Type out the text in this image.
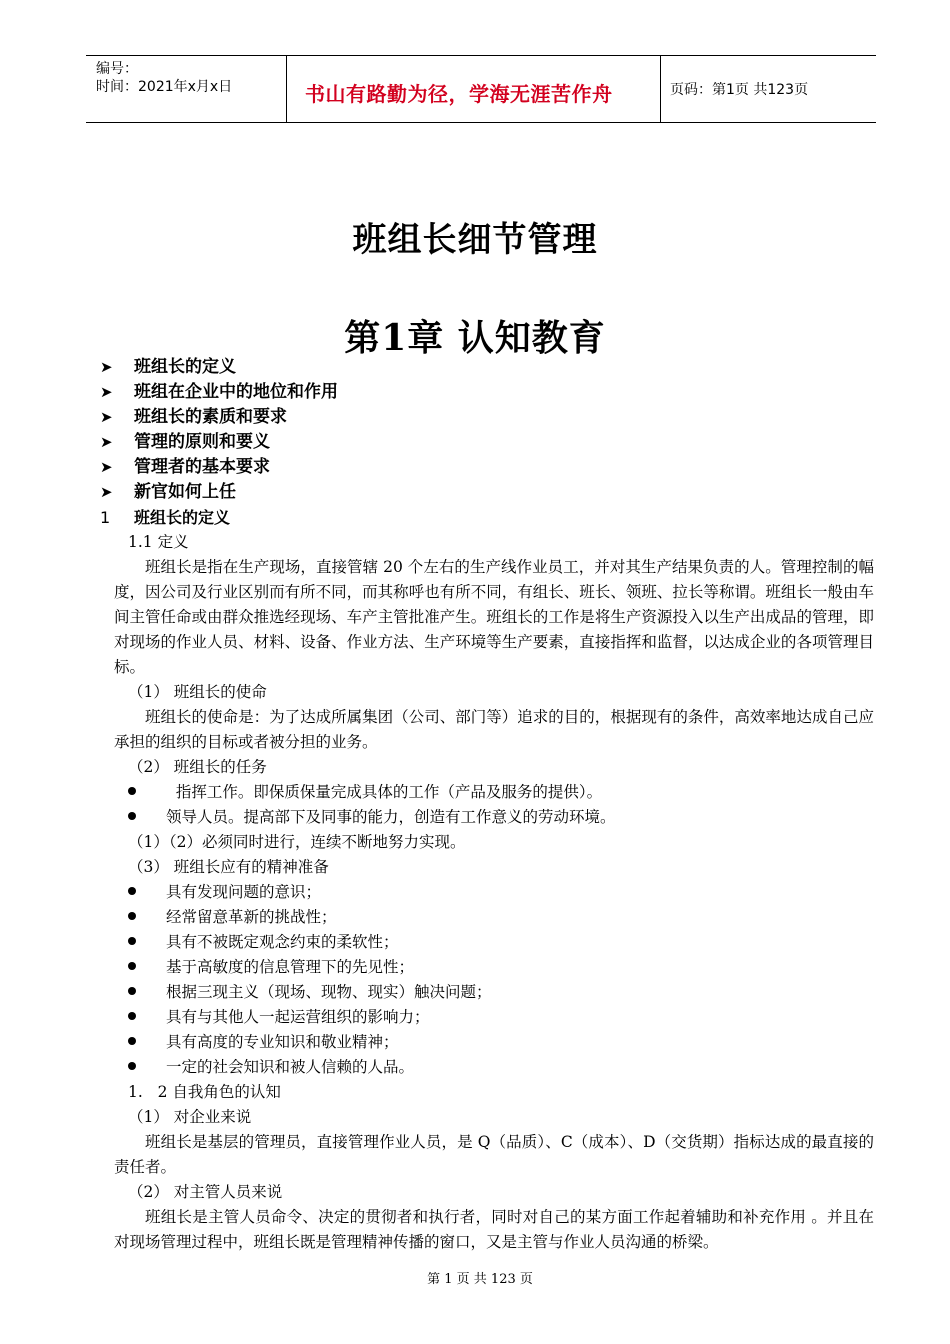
编号：
时间：2021年x月x日	书山有路勤为径，学海无涯苦作舟	页码：第1页 共123页
班组长细节管理
第1章 认知教育
➤ 班组长的定义
➤ 班组在企业中的地位和作用
➤ 班组长的素质和要求
➤ 管理的原则和要义
➤ 管理者的基本要求
➤ 新官如何上任
1 班组长的定义
1.1 定义
班组长是指在生产现场，直接管辖 20 个左右的生产线作业员工，并对其生产结果负责的人。管理控制的幅度，因公司及行业区别而有所不同，而其称呼也有所不同，有组长、班长、领班、拉长等称谓。班组长一般由车间主管任命或由群众推选经现场、车产主管批准产生。班组长的工作是将生产资源投入以生产出成品的管理，即对现场的作业人员、材料、设备、作业方法、生产环境等生产要素，直接指挥和监督，以达成企业的各项管理目标。
（1） 班组长的使命
班组长的使命是：为了达成所属集团（公司、部门等）追求的目的，根据现有的条件，高效率地达成自己应承担的组织的目标或者被分担的业务。
（2） 班组长的任务
指挥工作。即保质保量完成具体的工作（产品及服务的提供）。
领导人员。提高部下及同事的能力，创造有工作意义的劳动环境。
（1）（2）必须同时进行，连续不断地努力实现。
（3） 班组长应有的精神准备
具有发现问题的意识；
经常留意革新的挑战性；
具有不被既定观念约束的柔软性；
基于高敏度的信息管理下的先见性；
根据三现主义（现场、现物、现实）触决问题；
具有与其他人一起运营组织的影响力；
具有高度的专业知识和敬业精神；
一定的社会知识和被人信赖的人品。
1.   2 自我角色的认知
（1） 对企业来说
班组长是基层的管理员，直接管理作业人员，是 Q（品质）、C（成本）、D（交货期）指标达成的最直接的责任者。
（2） 对主管人员来说
班组长是主管人员命令、决定的贯彻者和执行者，同时对自己的某方面工作起着辅助和补充作用 。并且在对现场管理过程中，班组长既是管理精神传播的窗口，又是主管与作业人员沟通的桥梁。
第 1 页 共 123 页
